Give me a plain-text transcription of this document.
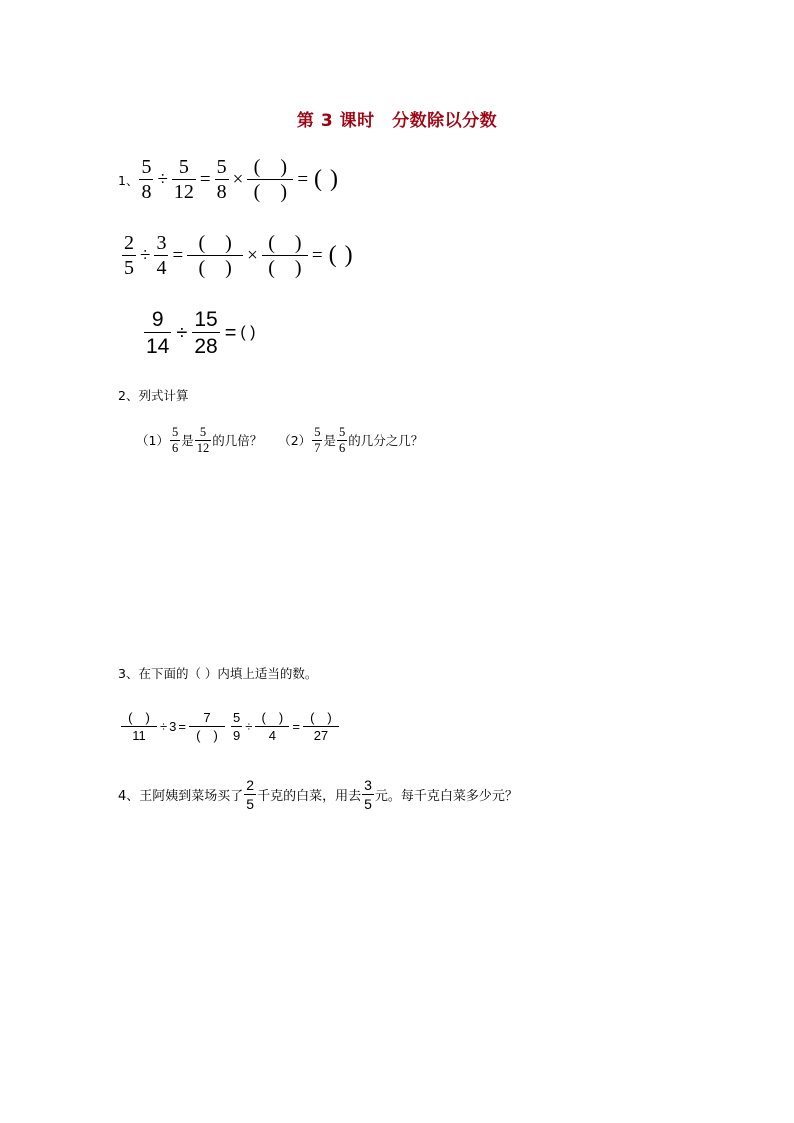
第 3 课时　分数除以分数
1、 $\frac{5}{8} \div \frac{5}{12} = \frac{5}{8} \times \frac{( )}{( )}$ = ( )
$\frac{2}{5} \div \frac{3}{4} = \frac{( )}{( )} \times \frac{( )}{( )}$ = ( )
$\frac{9}{14} \div \frac{15}{28}$ = ( )
2、列式计算
$(1) \frac{5}{6}$ 是 $\frac{5}{12}$ 的几倍？ $(2) \frac{5}{7}$ 是 $\frac{5}{6}$ 的几分之几？
3、在下面的（ ）内填上适当的数。
$\frac{( )}{11} \div 3 = \frac{7}{( )} \frac{5}{9} \div \frac{( )}{4} = \frac{( )}{27}$
4、王阿姨到菜场买了 $\frac{2}{5}$ 千克的白菜，用去 $\frac{3}{5}$ 元。每千克白菜多少元？
